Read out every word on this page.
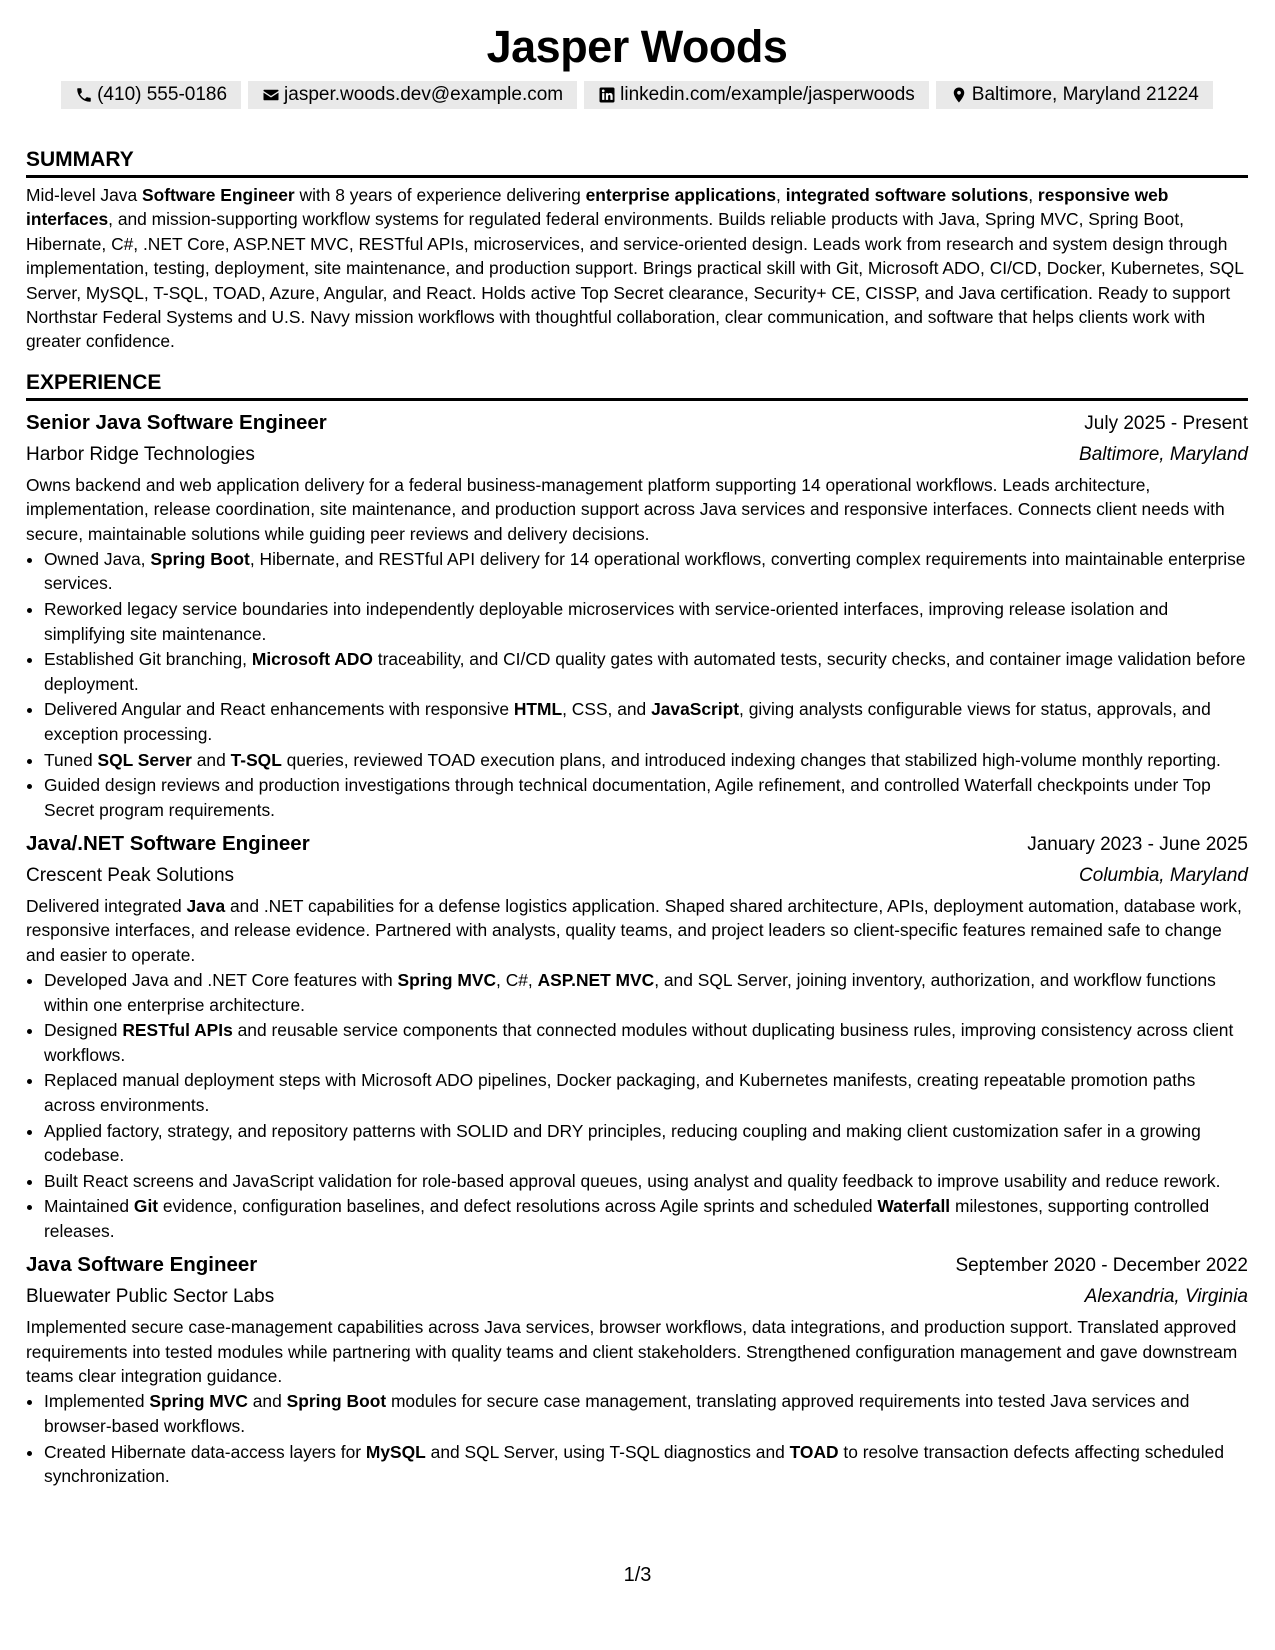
Jasper Woods
(410) 555-0186	jasper.woods.dev@example.com	linkedin.com/example/jasperwoods	Baltimore, Maryland 21224
SUMMARY
Mid-level Java Software Engineer with 8 years of experience delivering enterprise applications, integrated software solutions, responsive web interfaces, and mission-supporting workflow systems for regulated federal environments. Builds reliable products with Java, Spring MVC, Spring Boot, Hibernate, C#, .NET Core, ASP.NET MVC, RESTful APIs, microservices, and service-oriented design. Leads work from research and system design through implementation, testing, deployment, site maintenance, and production support. Brings practical skill with Git, Microsoft ADO, CI/CD, Docker, Kubernetes, SQL Server, MySQL, T-SQL, TOAD, Azure, Angular, and React. Holds active Top Secret clearance, Security+ CE, CISSP, and Java certification. Ready to support Northstar Federal Systems and U.S. Navy mission workflows with thoughtful collaboration, clear communication, and software that helps clients work with greater confidence.
EXPERIENCE
Senior Java Software Engineer	July 2025 - Present
Harbor Ridge Technologies	Baltimore, Maryland
Owns backend and web application delivery for a federal business-management platform supporting 14 operational workflows. Leads architecture, implementation, release coordination, site maintenance, and production support across Java services and responsive interfaces. Connects client needs with secure, maintainable solutions while guiding peer reviews and delivery decisions.
• Owned Java, Spring Boot, Hibernate, and RESTful API delivery for 14 operational workflows, converting complex requirements into maintainable enterprise services.
• Reworked legacy service boundaries into independently deployable microservices with service-oriented interfaces, improving release isolation and simplifying site maintenance.
• Established Git branching, Microsoft ADO traceability, and CI/CD quality gates with automated tests, security checks, and container image validation before deployment.
• Delivered Angular and React enhancements with responsive HTML, CSS, and JavaScript, giving analysts configurable views for status, approvals, and exception processing.
• Tuned SQL Server and T-SQL queries, reviewed TOAD execution plans, and introduced indexing changes that stabilized high-volume monthly reporting.
• Guided design reviews and production investigations through technical documentation, Agile refinement, and controlled Waterfall checkpoints under Top Secret program requirements.
Java/.NET Software Engineer	January 2023 - June 2025
Crescent Peak Solutions	Columbia, Maryland
Delivered integrated Java and .NET capabilities for a defense logistics application. Shaped shared architecture, APIs, deployment automation, database work, responsive interfaces, and release evidence. Partnered with analysts, quality teams, and project leaders so client-specific features remained safe to change and easier to operate.
• Developed Java and .NET Core features with Spring MVC, C#, ASP.NET MVC, and SQL Server, joining inventory, authorization, and workflow functions within one enterprise architecture.
• Designed RESTful APIs and reusable service components that connected modules without duplicating business rules, improving consistency across client workflows.
• Replaced manual deployment steps with Microsoft ADO pipelines, Docker packaging, and Kubernetes manifests, creating repeatable promotion paths across environments.
• Applied factory, strategy, and repository patterns with SOLID and DRY principles, reducing coupling and making client customization safer in a growing codebase.
• Built React screens and JavaScript validation for role-based approval queues, using analyst and quality feedback to improve usability and reduce rework.
• Maintained Git evidence, configuration baselines, and defect resolutions across Agile sprints and scheduled Waterfall milestones, supporting controlled releases.
Java Software Engineer	September 2020 - December 2022
Bluewater Public Sector Labs	Alexandria, Virginia
Implemented secure case-management capabilities across Java services, browser workflows, data integrations, and production support. Translated approved requirements into tested modules while partnering with quality teams and client stakeholders. Strengthened configuration management and gave downstream teams clear integration guidance.
• Implemented Spring MVC and Spring Boot modules for secure case management, translating approved requirements into tested Java services and browser-based workflows.
• Created Hibernate data-access layers for MySQL and SQL Server, using T-SQL diagnostics and TOAD to resolve transaction defects affecting scheduled synchronization.
1/3
